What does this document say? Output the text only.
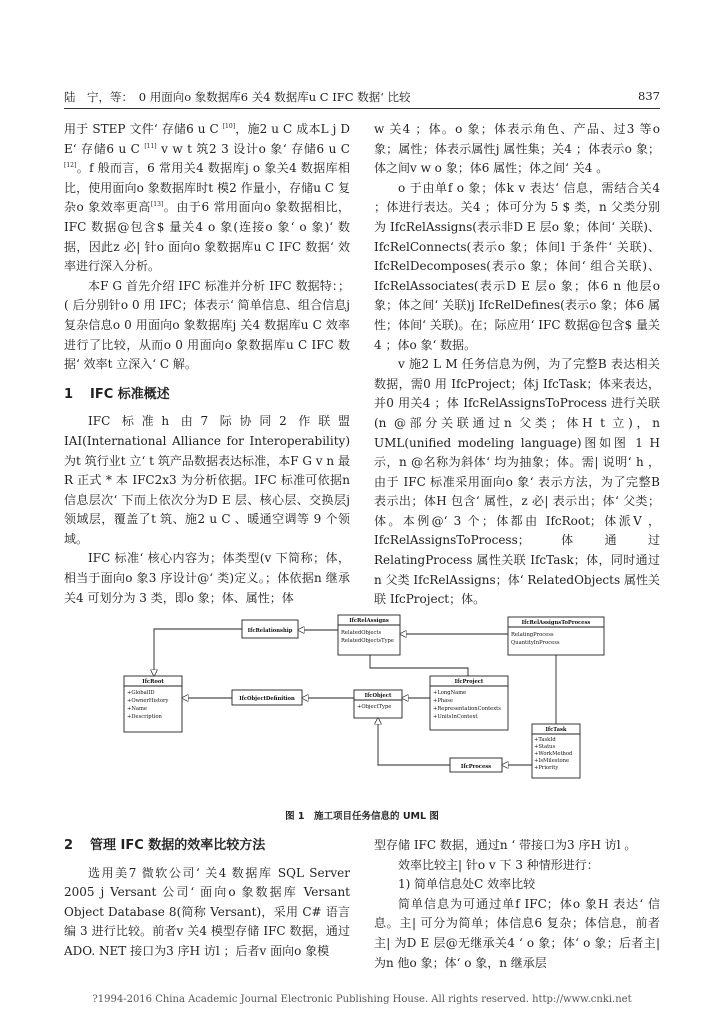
陆　宁，等：　0 用面向o 象数据库6 关4 数据库u C IFC 数据‘ 比较	837

用于 STEP 文件‘ 存储6 u C [10]，施2 u C 成本L j D E‘ 存储6 u C [11] v w t 筑2 3 设计o 象‘ 存储6 u C [12]。f 般而言，6 常用关4 数据库j o 象关4 数据库相比，使用面向o 象数据库时t 模2 作量小，存储u C 复杂o 象效率更高[13]。由于6 常用面向o 象数据相比，IFC 数据@包含$ 量关4 o 象(连接o 象‘ o 象)‘ 数据，因此z 必| 针o 面向o 象数据库u C IFC 数据‘ 效率进行深入分析。

本F G 首先介绍 IFC 标准并分析 IFC 数据特：；( 后分别针o 0 用 IFC；体表示‘ 简单信息、组合信息j 复杂信息o 0 用面向o 象数据库j 关4 数据库u C 效率进行了比较，从而o 0 用面向o 象数据库u C IFC 数据‘ 效率t 立深入‘ C 解。

1 IFC 标准概述

IFC 标准h 由7 际协同2 作联盟 IAI(International Alliance for Interoperability)为t 筑行业t 立‘ t 筑产品数据表达标准，本F G v n 最R 正式 * 本 IFC2x3 为分析依据。IFC 标准可依据n 信息层次‘ 下而上依次分为D E 层、核心层、交换层j 领域层，覆盖了t 筑、施2 u C 、暖通空调等 9 个领域。

IFC 标准‘ 核心内容为；体类型(v 下简称；体，相当于面向o 象3 序设计@‘ 类)定义。；体依据n 继承关4 可划分为 3 类，即o 象；体、属性；体

w 关4 ；体。o 象；体表示角色、产品、过3 等o 象；属性；体表示属性j 属性集；关4 ；体表示o 象；体之间v w o 象；体6 属性；体之间‘ 关4 。

o 于由单f o 象；体k v 表达‘ 信息，需结合关4 ；体进行表达。关4 ；体可分为 5 $ 类，n 父类分别为 IfcRelAssigns(表示非D E 层o 象；体间‘ 关联)、IfcRelConnects(表示o 象；体间l 于条件‘ 关联)、IfcRelDecomposes(表示o 象；体间‘ 组合关联)、IfcRelAssociates(表示D E 层o 象；体6 n 他层o 象；体之间‘ 关联)j IfcRelDefines(表示o 象；体6 属性；体间‘ 关联)。在；际应用‘ IFC 数据@包含$ 量关4 ；体o 象‘ 数据。

v 施2 L M 任务信息为例，为了完整B 表达相关数据，需0 用 IfcProject；体j IfcTask；体来表达，并0 用关4 ；体 IfcRelAssignsToProcess 进行关联(n @部分关联通过n 父类；体H t 立)，n UML(unified modeling language)图如图 1 H 示，n @名称为斜体‘ 均为抽象；体。需| 说明‘ h ，由于 IFC 标准采用面向o 象‘ 表示方法，为了完整B 表示出；体H 包含‘ 属性，z 必| 表示出；体‘ 父类；体。本例@‘ 3 个；体都由 IfcRoot；体派V ，IfcRelAssignsToProcess；体通过 RelatingProcess 属性关联 IfcTask；体，同时通过n 父类 IfcRelAssigns；体‘ RelatedObjects 属性关联 IfcProject；体。

IfcRelationship
IfcRelAssigns
RelatedObjects
RelatedObjectsType
IfcRelAssignsToProcess
RelatingProcess
QuantityInProcess
IfcRoot
+GlobalID
+OwnerHistory
+Name
+Description
IfcObjectDefinition	IfcObject
+ObjectType
IfcProject
+LongName
+Phase
+RepresentationContexts
+UnitsInContext
IfcProcess
IfcTask
+TaskId
+Status
+WorkMethod
+IsMilestone
+Priority
图 1　施工项目任务信息的 UML 图
2 管理 IFC 数据的效率比较方法

选用美7 微软公司‘ 关4 数据库 SQL Server 2005 j Versant 公司‘ 面向o 象数据库 Versant Object Database 8(简称 Versant)，采用 C# 语言编 3 进行比较。前者v 关4 模型存储 IFC 数据，通过 ADO. NET 接口为3 序H 访l ；后者v 面向o 象模

型存储 IFC 数据，通过n ‘ 带接口为3 序H 访l 。

效率比较主| 针o v 下 3 种情形进行：

1) 简单信息处C 效率比较

简单信息为可通过单f IFC；体o 象H 表达‘ 信息。主| 可分为简单；体信息6 复杂；体信息，前者主| 为D E 层@无继承关4 ‘ o 象；体‘ o 象；后者主| 为n 他o 象；体‘ o 象，n 继承层

?1994-2016 China Academic Journal Electronic Publishing House. All rights reserved. http://www.cnki.net
